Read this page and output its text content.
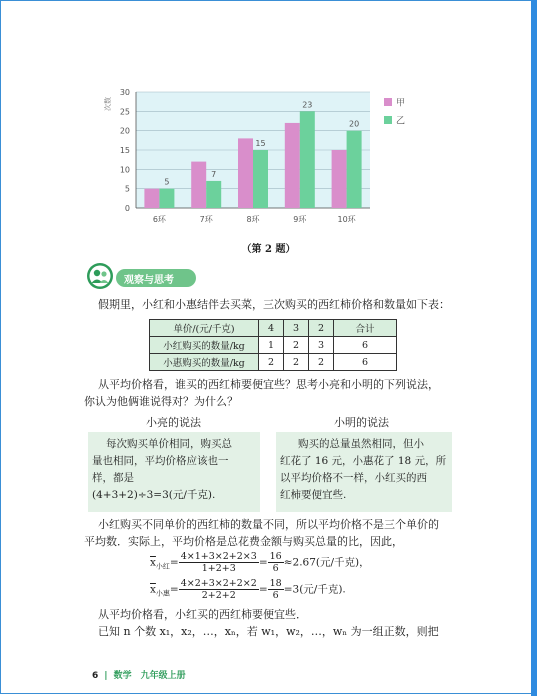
0
5
10
15
20
25
30
次数
5
6环
7
7环
15
8环
23
9环
20
10环
甲
乙
（第 2 题）
观察与思考
假期里，小红和小惠结伴去买菜，三次购买的西红柿价格和数量如下表：
单价/(元/千克)	4	3	2	合计
小红购买的数量/kg	1	2	3	6
小惠购买的数量/kg	2	2	2	6
从平均价格看，谁买的西红柿要便宜些？思考小亮和小明的下列说法，
你认为他俩谁说得对？为什么？
小亮的说法	小明的说法
每次购买单价相同，购买总
量也相同，平均价格应该也一
样，都是
(4+3+2)÷3=3(元/千克).
购买的总量虽然相同，但小
红花了 16 元，小惠花了 18 元，所
以平均价格不一样，小红买的西
红柿要便宜些.
小红购买不同单价的西红柿的数量不同，所以平均价格不是三个单价的
平均数．实际上，平均价格是总花费金额与购买总量的比，因此，
$\overline{x}_{小红}= \frac{4\times 1+3\times 2+2\times 3}{1+2+3} = \frac{16}{6} \approx 2.67$(元/千克)，
$\overline{x}_{小惠}= \frac{4\times 2+3\times 2+2\times 2}{2+2+2} = \frac{18}{6} =3$(元/千克).
从平均价格看，小红买的西红柿要便宜些．
已知 n 个数 x₁，x₂，…，xₙ，若 w₁，w₂，…，wₙ 为一组正数，则把
6 | 数学　九年级上册
